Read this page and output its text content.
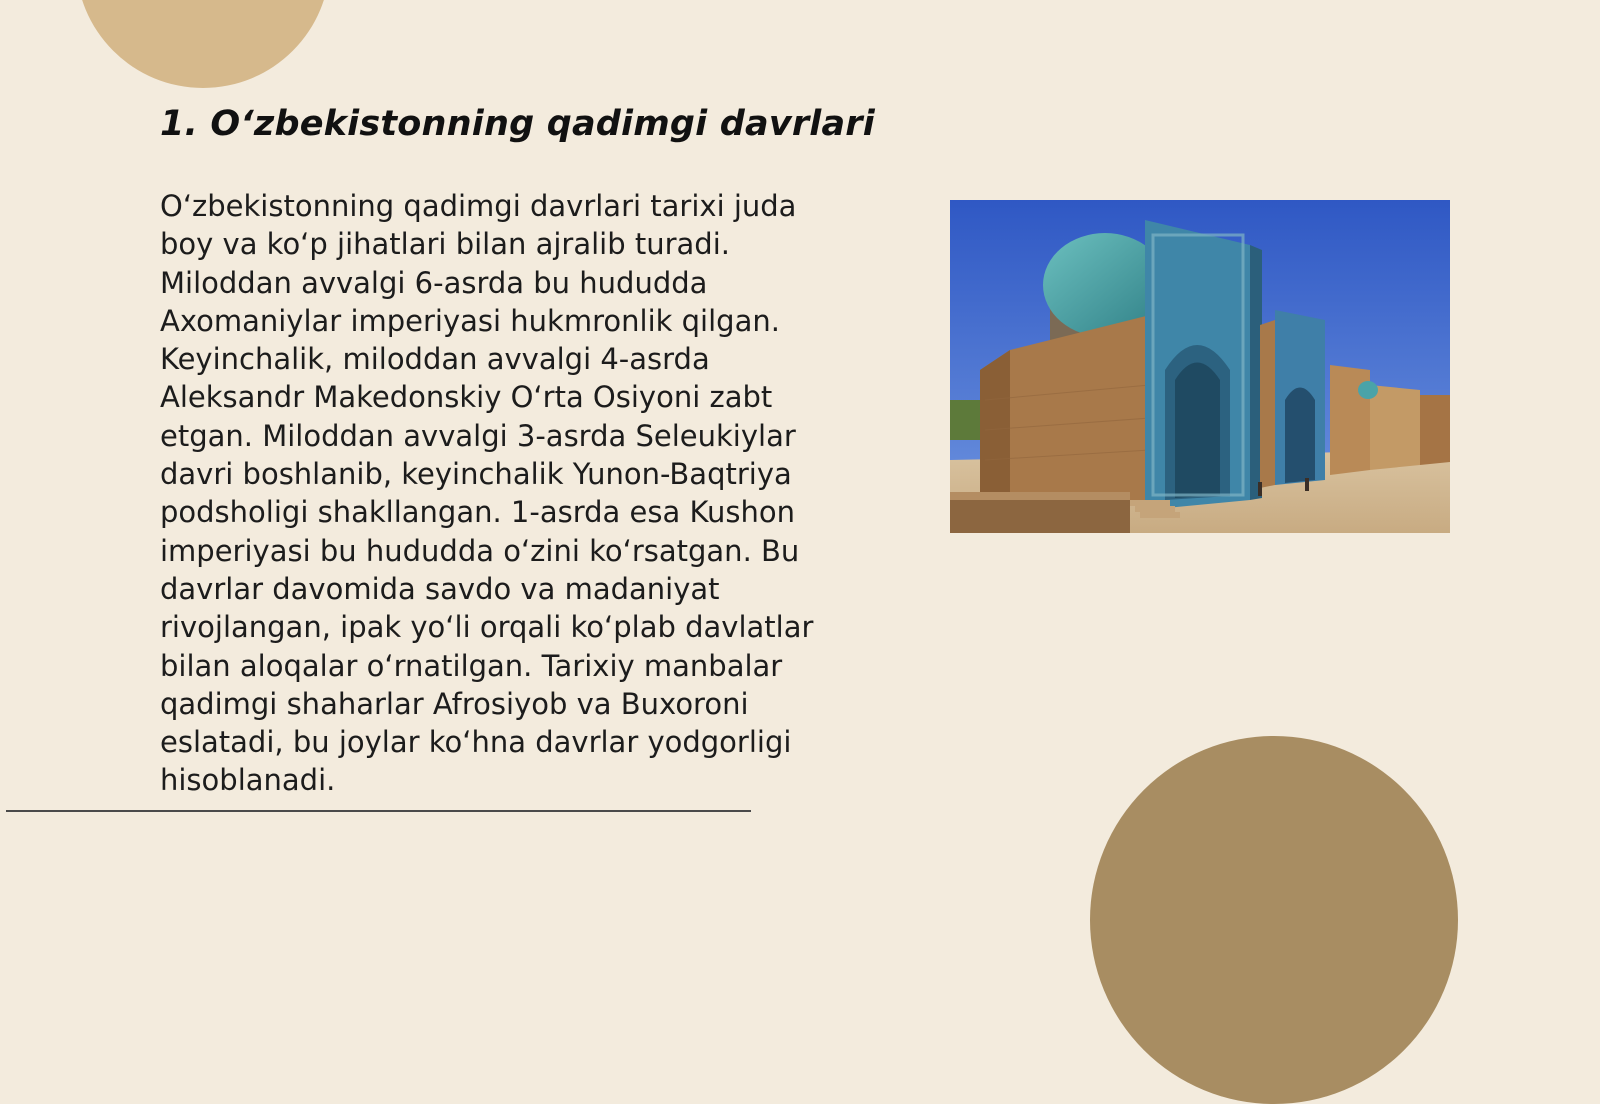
1. O‘zbekistonning qadimgi davrlari

O‘zbekistonning qadimgi davrlari tarixi juda boy va ko‘p jihatlari bilan ajralib turadi. Miloddan avvalgi 6-asrda bu hududda Axomaniylar imperiyasi hukmronlik qilgan. Keyinchalik, miloddan avvalgi 4-asrda Aleksandr Makedonskiy O‘rta Osiyoni zabt etgan. Miloddan avvalgi 3-asrda Seleukiylar davri boshlanib, keyinchalik Yunon-Baqtriya podsholigi shakllangan. 1-asrda esa Kushon imperiyasi bu hududda o‘zini ko‘rsatgan. Bu davrlar davomida savdo va madaniyat rivojlangan, ipak yo‘li orqali ko‘plab davlatlar bilan aloqalar o‘rnatilgan. Tarixiy manbalar qadimgi shaharlar Afrosiyob va Buxoroni eslatadi, bu joylar ko‘hna davrlar yodgorligi hisoblanadi.
